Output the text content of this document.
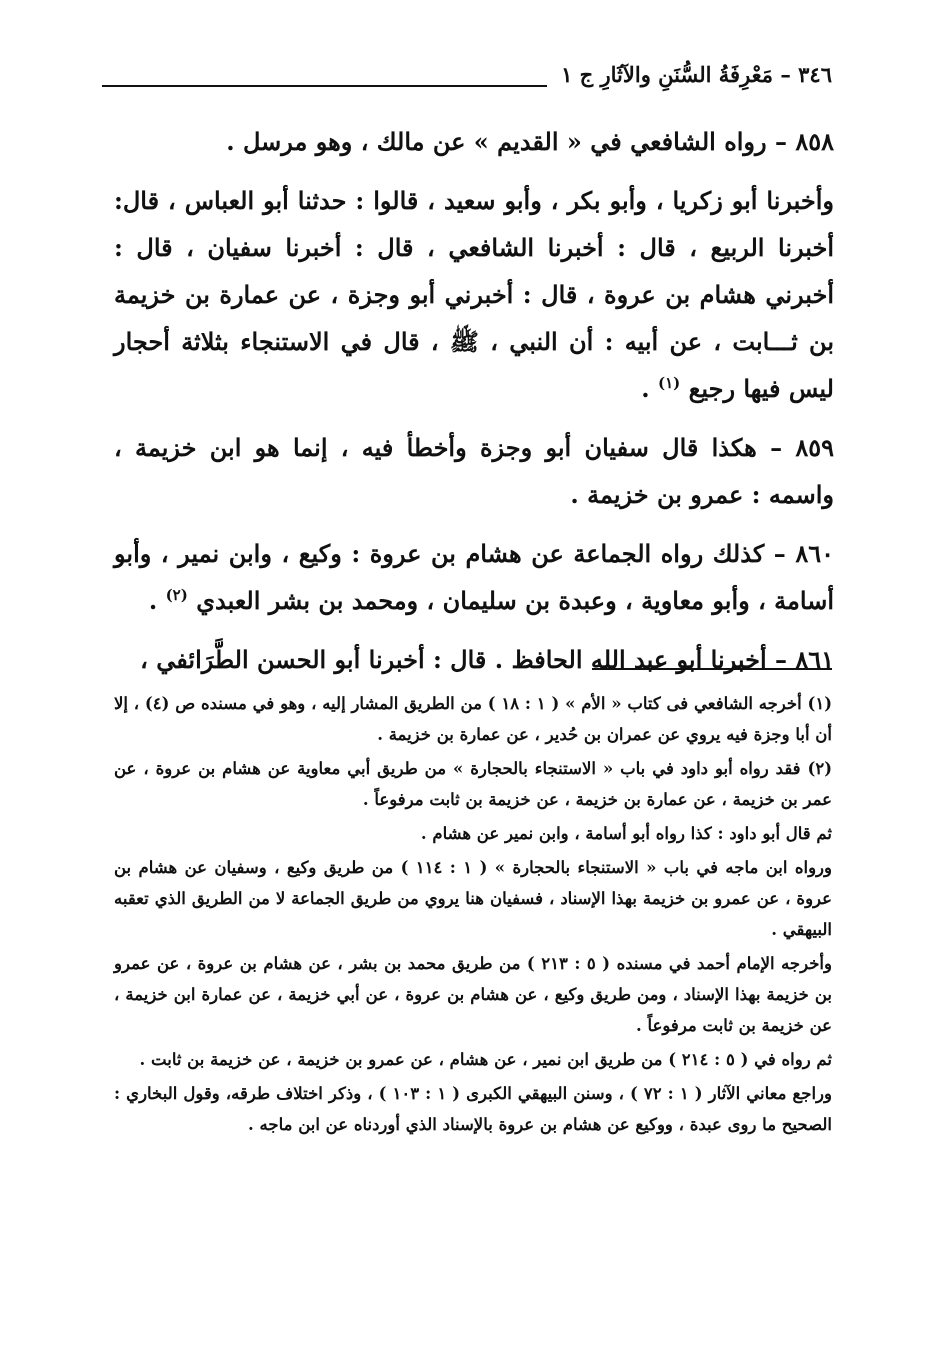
٣٤٦ – مَعْرِفَةُ السُّنَنِ والآثَارِ ج ١

٨٥٨ – رواه الشافعي في « القديم » عن مالك ، وهو مرسل .

وأخبرنا أبو زكريا ، وأبو بكر ، وأبو سعيد ، قالوا : حدثنا أبو العباس ، قال: أخبرنا الربيع ، قال : أخبرنا الشافعي ، قال : أخبرنا سفيان ، قال : أخبرني هشام بن عروة ، قال : أخبرني أبو وجزة ، عن عمارة بن خزيمة بن ثـــابت ، عن أبيه : أن النبي ، ﷺ ، قال في الاستنجاء بثلاثة أحجار ليس فيها رجيع $^{(١)}$ .

٨٥٩ – هكذا قال سفيان أبو وجزة وأخطأ فيه ، إنما هو ابن خزيمة ، واسمه : عمرو بن خزيمة .

٨٦٠ – كذلك رواه الجماعة عن هشام بن عروة : وكيع ، وابن نمير ، وأبو أسامة ، وأبو معاوية ، وعبدة بن سليمان ، ومحمد بن بشر العبدي $^{(٢)}$ .

٨٦١ – أخبرنا أبو عبد الله الحافظ . قال : أخبرنا أبو الحسن الطَّرَائفي ،

(١) أخرجه الشافعي فى كتاب « الأم » ( ١ : ١٨ ) من الطريق المشار إليه ، وهو في مسنده ص (٤) ، إلا أن أبا وجزة فيه يروي عن عمران بن حُدير ، عن عمارة بن خزيمة .

(٢) فقد رواه أبو داود في باب « الاستنجاء بالحجارة » من طريق أبي معاوية عن هشام بن عروة ، عن عمر بن خزيمة ، عن عمارة بن خزيمة ، عن خزيمة بن ثابت مرفوعاً .

ثم قال أبو داود : كذا رواه أبو أسامة ، وابن نمير عن هشام .

ورواه ابن ماجه في باب « الاستنجاء بالحجارة » ( ١ : ١١٤ ) من طريق وكيع ، وسفيان عن هشام بن عروة ، عن عمرو بن خزيمة بهذا الإسناد ، فسفيان هنا يروي من طريق الجماعة لا من الطريق الذي تعقبه البيهقي .

وأخرجه الإمام أحمد في مسنده ( ٥ : ٢١٣ ) من طريق محمد بن بشر ، عن هشام بن عروة ، عن عمرو بن خزيمة بهذا الإسناد ، ومن طريق وكيع ، عن هشام بن عروة ، عن أبي خزيمة ، عن عمارة ابن خزيمة ، عن خزيمة بن ثابت مرفوعاً .

ثم رواه في ( ٥ : ٢١٤ ) من طريق ابن نمير ، عن هشام ، عن عمرو بن خزيمة ، عن خزيمة بن ثابت .

وراجع معاني الآثار ( ١ : ٧٢ ) ، وسنن البيهقي الكبرى ( ١ : ١٠٣ ) ، وذكر اختلاف طرقه، وقول البخاري : الصحيح ما روى عبدة ، ووكيع عن هشام بن عروة بالإسناد الذي أوردناه عن ابن ماجه .
